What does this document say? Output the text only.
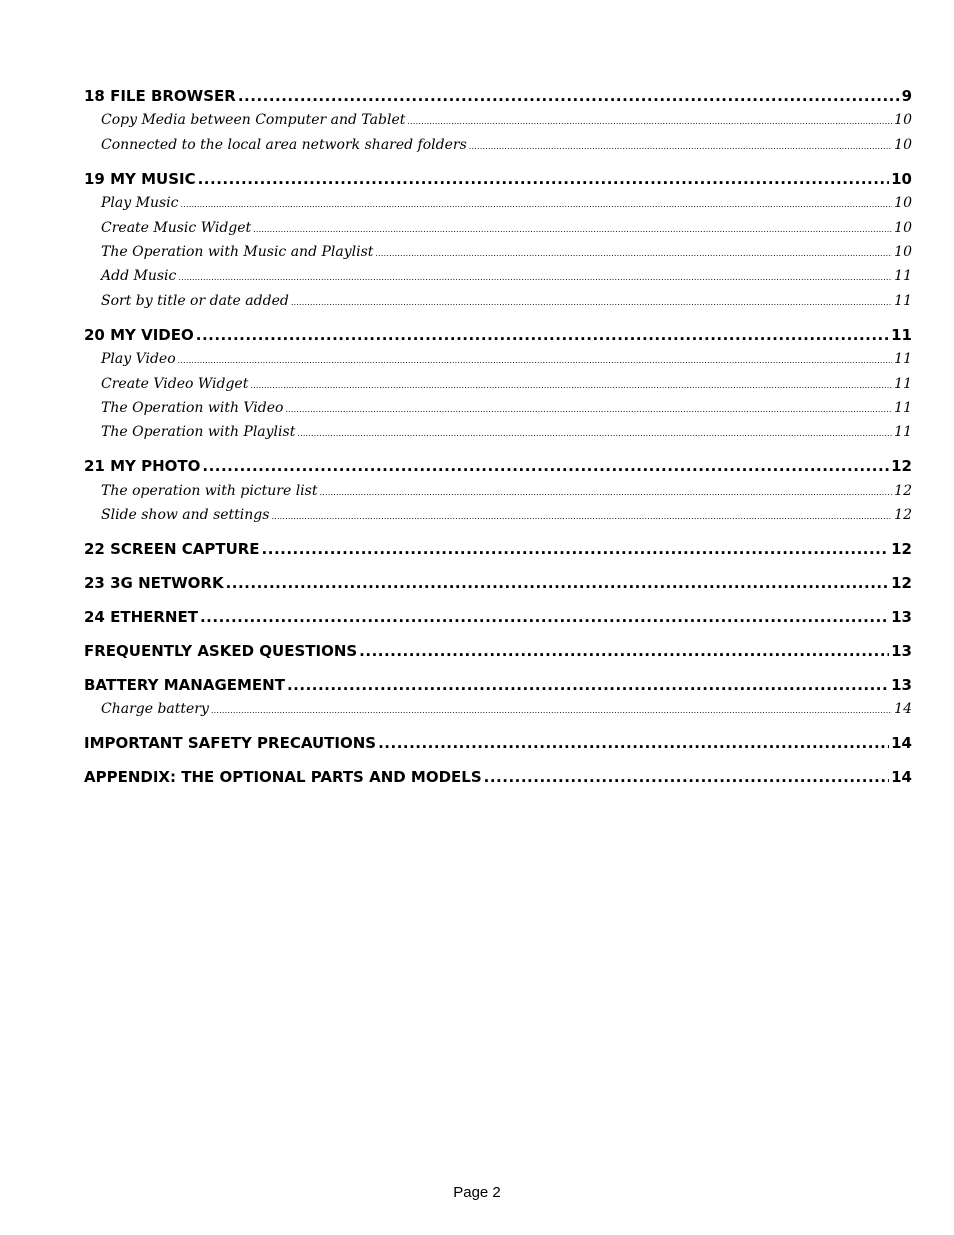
18 FILE BROWSER .....	9
Copy Media between Computer and Tablet .....	10
Connected to the local area network shared folders .....	10
19 MY MUSIC .....	10
Play Music .....	10
Create Music Widget .....	10
The Operation with Music and Playlist .....	10
Add Music .....	11
Sort by title or date added .....	11
20 MY VIDEO .....	11
Play Video .....	11
Create Video Widget .....	11
The Operation with Video .....	11
The Operation with Playlist .....	11
21 MY PHOTO .....	12
The operation with picture list .....	12
Slide show and settings .....	12
22 SCREEN CAPTURE .....	12
23 3G NETWORK .....	12
24 ETHERNET .....	13
FREQUENTLY ASKED QUESTIONS .....	13
BATTERY MANAGEMENT .....	13
Charge battery .....	14
IMPORTANT SAFETY PRECAUTIONS .....	14
APPENDIX: THE OPTIONAL PARTS AND MODELS .....	14
Page 2
